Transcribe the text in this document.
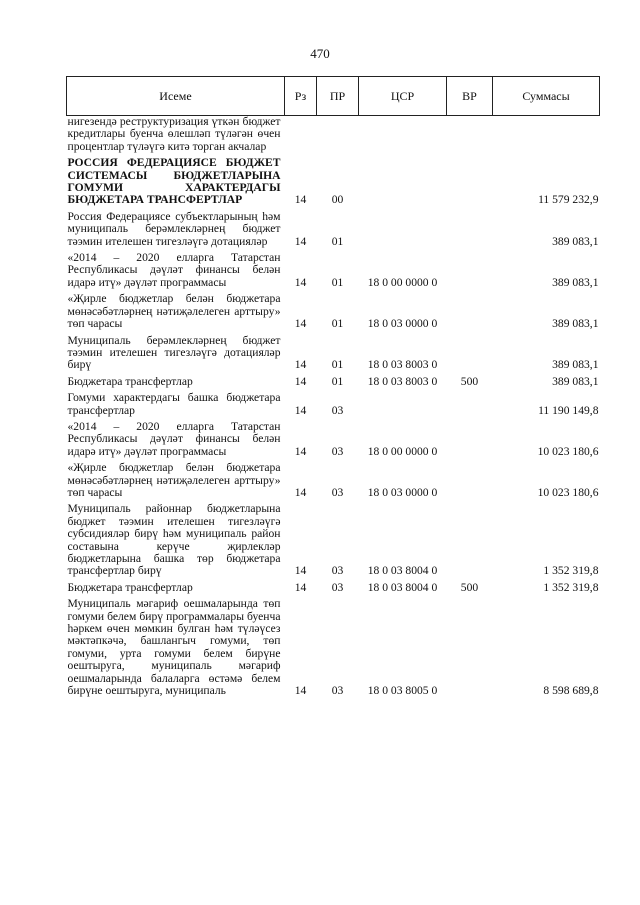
470
Исеме	Рз	ПР	ЦСР	ВР	Суммасы
нигезендә реструктуризация үткән бюджет кредитлары буенча өлешләп түләгән өчен процентлар түләүгә китә торган акчалар					
РОССИЯ ФЕДЕРАЦИЯСЕ БЮДЖЕТ СИСТЕМАСЫ БЮДЖЕТЛАРЫНА ГОМУМИ ХАРАКТЕРДАГЫ БЮДЖЕТАРА ТРАНСФЕРТЛАР	14	00			11 579 232,9
Россия Федерациясе субъектларының һәм муниципаль берәмлекләрнең бюджет тәэмин ителешен тигезләүгә дотацияләр	14	01			389 083,1
«2014 – 2020 елларга Татарстан Республикасы дәүләт финансы белән идарә итү» дәүләт программасы	14	01	18 0 00 0000 0		389 083,1
«Җирле бюджетлар белән бюджетара мөнәсәбәтләрнең нәтиҗәлелеген арттыру» төп чарасы	14	01	18 0 03 0000 0		389 083,1
Муниципаль берәмлекләрнең бюджет тәэмин ителешен тигезләүгә дотацияләр бирү	14	01	18 0 03 8003 0		389 083,1
Бюджетара трансфертлар	14	01	18 0 03 8003 0	500	389 083,1
Гомуми характердагы башка бюджетара трансфертлар	14	03			11 190 149,8
«2014 – 2020 елларга Татарстан Республикасы дәүләт финансы белән идарә итү» дәүләт программасы	14	03	18 0 00 0000 0		10 023 180,6
«Җирле бюджетлар белән бюджетара мөнәсәбәтләрнең нәтиҗәлелеген арттыру» төп чарасы	14	03	18 0 03 0000 0		10 023 180,6
Муниципаль районнар бюджетларына бюджет тәэмин ителешен тигезләүгә субсидияләр бирү һәм муниципаль район составына керүче җирлекләр бюджетларына башка төр бюджетара трансфертлар бирү	14	03	18 0 03 8004 0		1 352 319,8
Бюджетара трансфертлар	14	03	18 0 03 8004 0	500	1 352 319,8
Муниципаль мәгариф оешмаларында төп гомуми белем бирү программалары буенча һәркем өчен мөмкин булган һәм түләүсез мәктәпкәчә, башлангыч гомуми, төп гомуми, урта гомуми белем бирүне оештыруга, муниципаль мәгариф оешмаларында балаларга өстәмә белем бирүне оештыруга, муниципаль	14	03	18 0 03 8005 0		8 598 689,8
